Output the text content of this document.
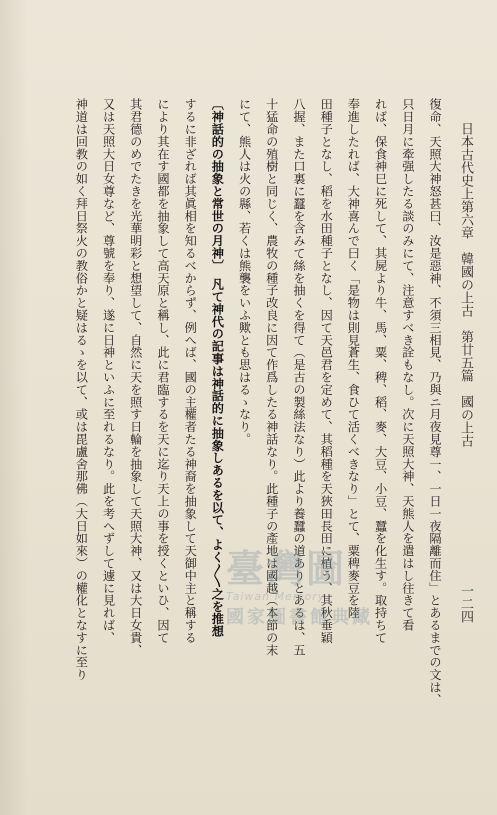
日本古代史上
第六章　韓國の上古　第廿五篇　國の上古
一二四
復命、天照大神怒甚曰、汝是惡神、不須三相見、乃與ニ月夜見尊一、一日一夜隔離而住」とあるまでの文は、
只日月に牽强したる談のみにて、注意すべき詮もなし。次に天照大神、天熊人を遣はし往きて看
れば、保食神巳に死して、其屍より牛、馬、粟、稗、稻、麥、大豆、小豆、蠶を化生す。取持ちて
奉進したれば、大神喜んで曰く「是物は則見蒼生、食ひて活くべきなり」とて、粟稗麥豆を陸
田種子となし、稻を水田種子となし、因て天邑君を定めて、其稻種を天狹田長田に植う、其秋垂穎
八握、また口裏に蠶を含みて絲を抽くを得て（是古の製絲法なり）此より養蠶の道ありとあるは、五
十猛命の殖樹と同じく、農牧の種子改良に因て作爲したる神話なり。此種子の產地は國越（本節の末
にて、熊人は火の縣、若くは熊襲をいふ歟とも思はるゝなり。
〔神話的の抽象と常世の月神〕　凡て神代の記事は神話的に抽象しあるを以て、よく〳〵之を推想
するに非ざれば其眞相を知るべからず、例へば、國の主權者たる神裔を抽象して天御中主と稱する
により其在す國都を抽象して高天原と稱し、此に君臨するを天に迄り天上の事を授くといひ、因て
其君德のめでたきを光華明彩と想望して、自然に天を照す日輪を抽象して天照大神、又は大日女貴、
又は天照大日女尊など、尊號を奉り、遂に日神といふに至れるなり。此を考へずして遽に見れば、
神道は回教の如く拜日祭火の教俗かと疑はるゝを以て、或は毘盧舍那佛（大日如來）の權化となすに至り	臺灣圖
Taiwan Memory
國家圖書館典藏
